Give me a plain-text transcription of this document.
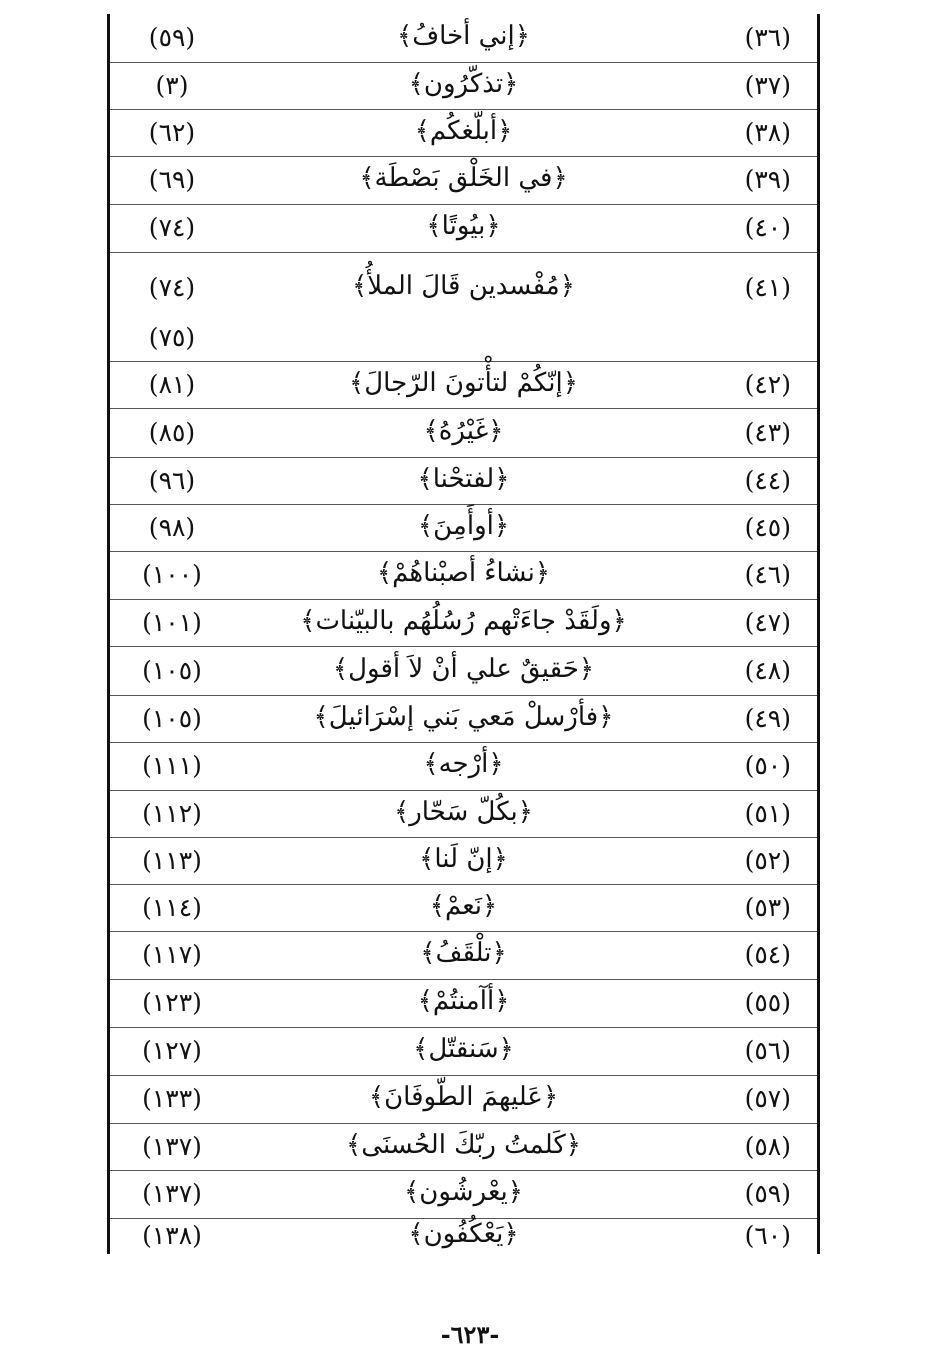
(٣٦)
﴿إني أخافُ﴾
(٥٩)
(٣٧)
﴿تذكّرُون﴾
(٣)
(٣٨)
﴿أبلّغكُم﴾
(٦٢)
(٣٩)
﴿في الخَلْق بَصْطَة﴾
(٦٩)
(٤٠)
﴿بيُوتًا﴾
(٧٤)
(٤١)
﴿مُفْسدين قَالَ الملأُ﴾
(٧٤)
(٧٥)
(٤٢)
﴿إنّكُمْ لتأْتونَ الرّجالَ﴾
(٨١)
(٤٣)
﴿غَيْرُهُ﴾
(٨٥)
(٤٤)
﴿لفتحْنا﴾
(٩٦)
(٤٥)
﴿أوأَمِنَ﴾
(٩٨)
(٤٦)
﴿نشاءُ أصبْناهُمْ﴾
(١٠٠)
(٤٧)
﴿ولَقَدْ جاءَتْهم رُسُلُهُم بالبيّنات﴾
(١٠١)
(٤٨)
﴿حَقيقٌ علي أنْ لاَ أقول﴾
(١٠٥)
(٤٩)
﴿فأرْسلْ مَعي بَني إسْرَائيلَ﴾
(١٠٥)
(٥٠)
﴿أرْجه﴾
(١١١)
(٥١)
﴿بكُلّ سَحّار﴾
(١١٢)
(٥٢)
﴿إنّ لَنا﴾
(١١٣)
(٥٣)
﴿نَعمْ﴾
(١١٤)
(٥٤)
﴿تلْقَفُ﴾
(١١٧)
(٥٥)
﴿أآمنتُمْ﴾
(١٢٣)
(٥٦)
﴿سَنقتّل﴾
(١٢٧)
(٥٧)
﴿عَليهمَ الطّوفَانَ﴾
(١٣٣)
(٥٨)
﴿كَلمتُ ربّكَ الحُسنَى﴾
(١٣٧)
(٥٩)
﴿يعْرشُون﴾
(١٣٧)
(٦٠)
﴿يَعْكُفُون﴾
(١٣٨)
-٦٢٣-
